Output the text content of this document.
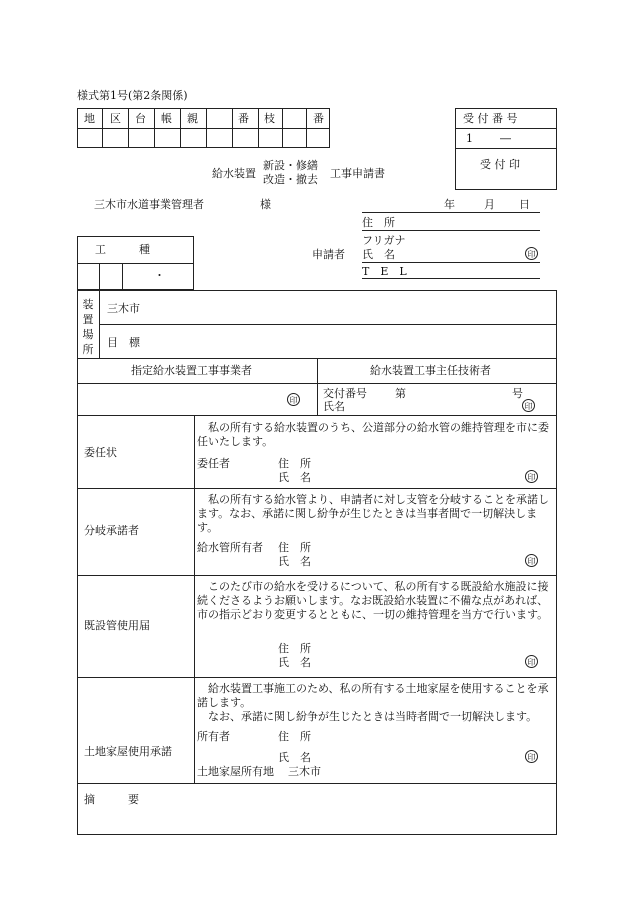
様式第1号(第2条関係)
地 区 台 帳 親	番 枝	番	受 付 番 号
1 ―
受 付 印
給水装置
新設・修繕
改造・撤去 工事申請書
三木市水道事業管理者	様	年	月 日
住　所
フリガナ
申請者 氏　名	印
T　E　L
工　　　種
・
装置場所
三木市
目　標
指定給水装置工事事業者	給水装置工事主任技術者
印
交付番号	第	号
氏名	印
委任状
私の所有する給水装置のうち、公道部分の給水管の維持管理を市に委任いたします。
委任者	住　所
氏　名	印
分岐承諾者
私の所有する給水管より、申請者に対し支管を分岐することを承諾します。なお、承諾に関し紛争が生じたときは当事者間で一切解決します。
給水管所有者 住　所
氏　名	印
既設管使用届
このたび市の給水を受けるについて、私の所有する既設給水施設に接続くださるようお願いします。なお既設給水装置に不備な点があれば、市の指示どおり変更するとともに、一切の維持管理を当方で行います。
住　所
氏　名	印
土地家屋使用承諾
給水装置工事施工のため、私の所有する土地家屋を使用することを承諾します。
なお、承諾に関し紛争が生じたときは当時者間で一切解決します。
所有者	住　所
氏　名	印
土地家屋所有地 三木市
摘　　　要
